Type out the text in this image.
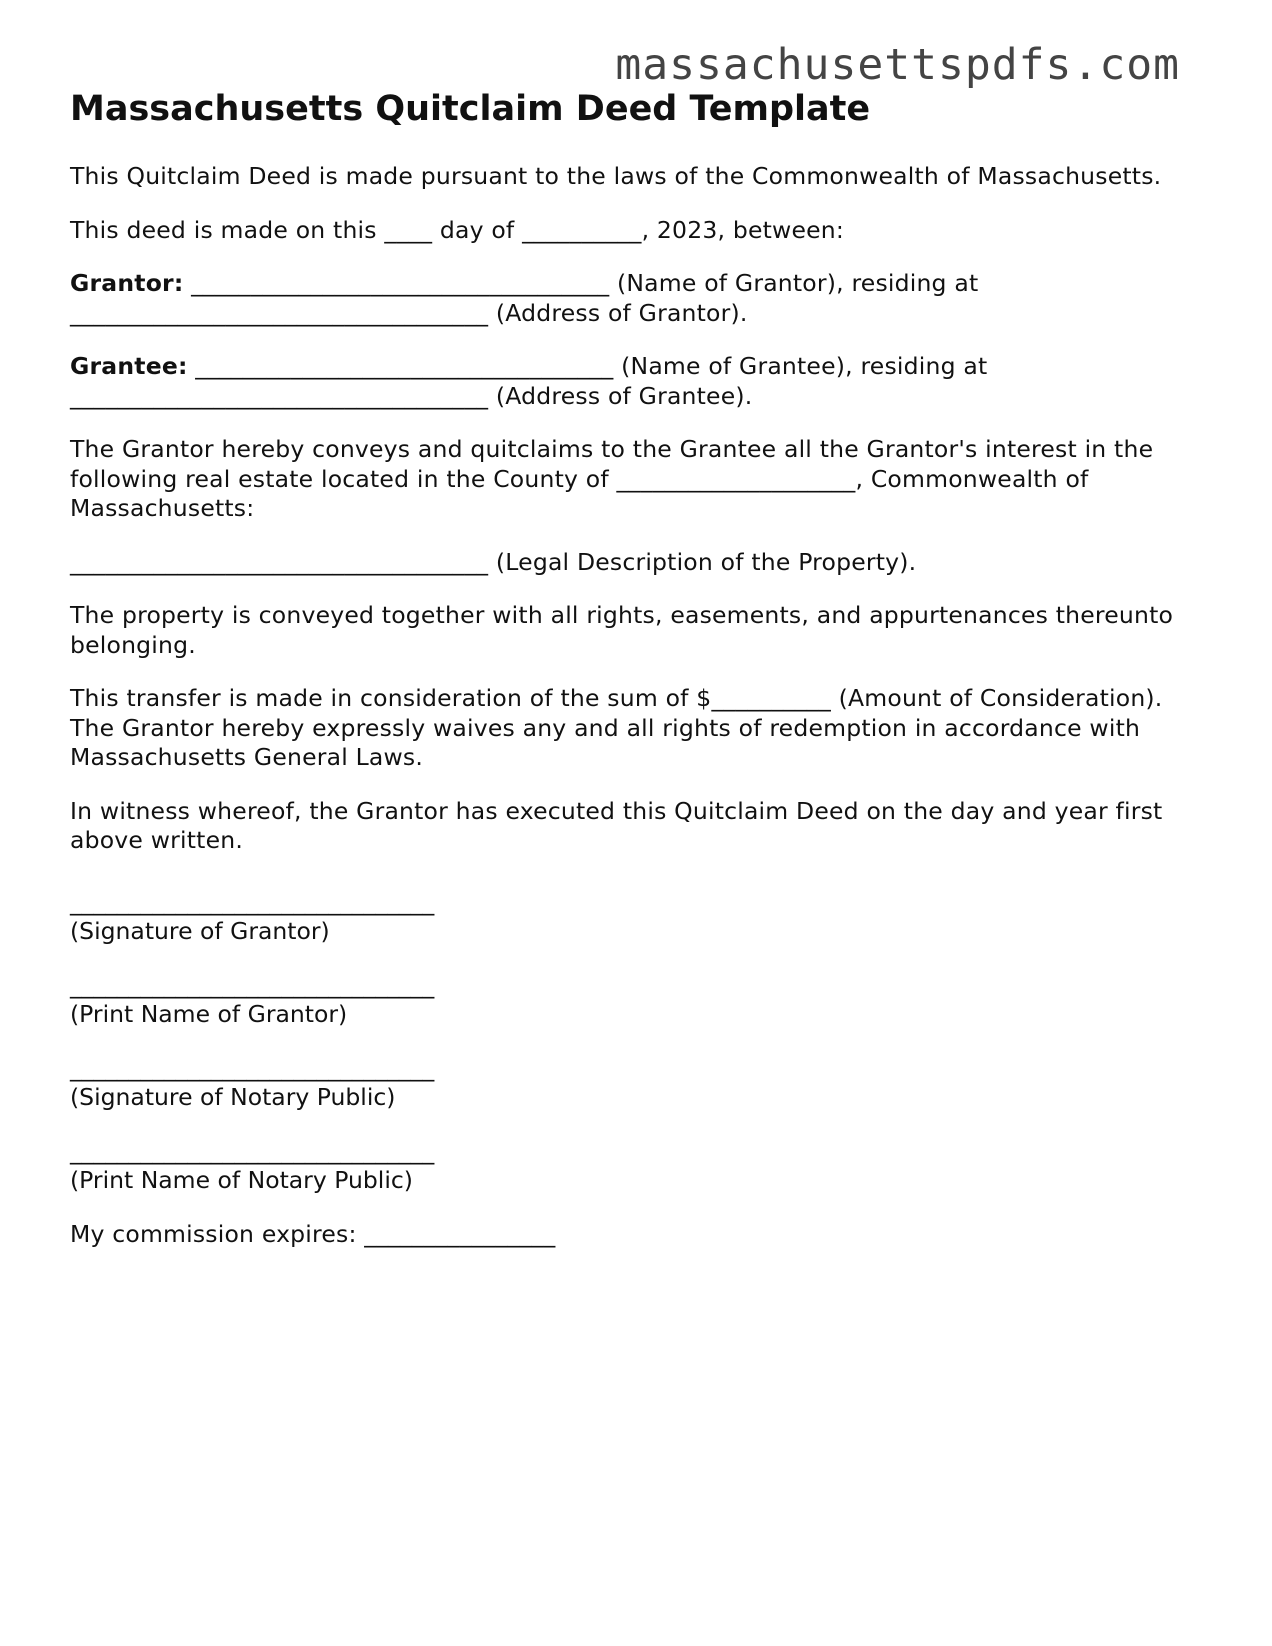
massachusettspdfs.com
Massachusetts Quitclaim Deed Template

This Quitclaim Deed is made pursuant to the laws of the Commonwealth of Massachusetts.

This deed is made on this ____ day of __________, 2023, between:

Grantor: ___________________________________ (Name of Grantor), residing at ___________________________________ (Address of Grantor).

Grantee: ___________________________________ (Name of Grantee), residing at ___________________________________ (Address of Grantee).

The Grantor hereby conveys and quitclaims to the Grantee all the Grantor's interest in the following real estate located in the County of ____________________, Commonwealth of Massachusetts:

___________________________________ (Legal Description of the Property).

The property is conveyed together with all rights, easements, and appurtenances thereunto belonging.

This transfer is made in consideration of the sum of $__________ (Amount of Consideration). The Grantor hereby expressly waives any and all rights of redemption in accordance with Massachusetts General Laws.

In witness whereof, the Grantor has executed this Quitclaim Deed on the day and year first above written.

_______________________________
(Signature of Grantor)
_______________________________
(Print Name of Grantor)
_______________________________
(Signature of Notary Public)
_______________________________
(Print Name of Notary Public)

My commission expires: ________________
